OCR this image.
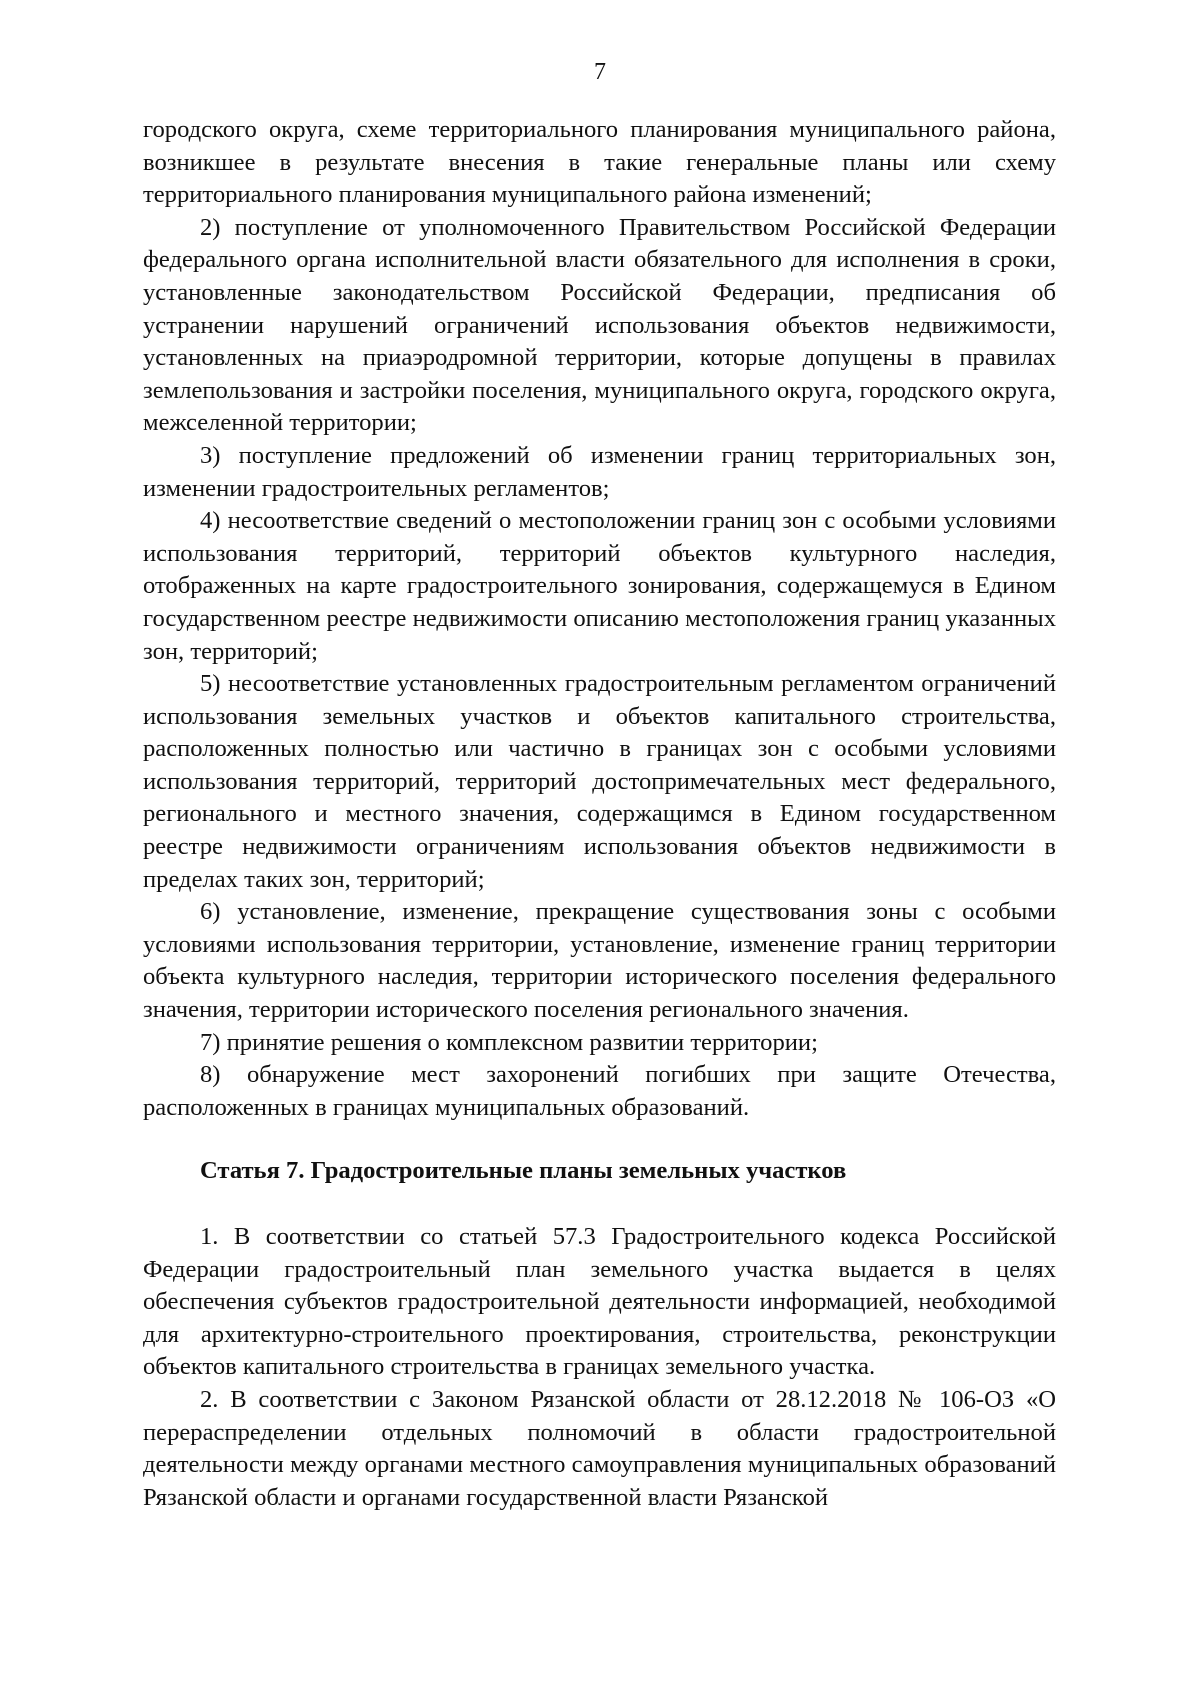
7

городского округа, схеме территориального планирования муниципального района, возникшее в результате внесения в такие генеральные планы или схему территориального планирования муниципального района изменений;

2) поступление от уполномоченного Правительством Российской Федерации федерального органа исполнительной власти обязательного для исполнения в сроки, установленные законодательством Российской Федерации, предписания об устранении нарушений ограничений использования объектов недвижимости, установленных на приаэродромной территории, которые допущены в правилах землепользования и застройки поселения, муниципального округа, городского округа, межселенной территории;

3) поступление предложений об изменении границ территориальных зон, изменении градостроительных регламентов;

4) несоответствие сведений о местоположении границ зон с особыми условиями использования территорий, территорий объектов культурного наследия, отображенных на карте градостроительного зонирования, содержащемуся в Едином государственном реестре недвижимости описанию местоположения границ указанных зон, территорий;

5) несоответствие установленных градостроительным регламентом ограничений использования земельных участков и объектов капитального строительства, расположенных полностью или частично в границах зон с особыми условиями использования территорий, территорий достопримечательных мест федерального, регионального и местного значения, содержащимся в Едином государственном реестре недвижимости ограничениям использования объектов недвижимости в пределах таких зон, территорий;

6) установление, изменение, прекращение существования зоны с особыми условиями использования территории, установление, изменение границ территории объекта культурного наследия, территории исторического поселения федерального значения, территории исторического поселения регионального значения.

7) принятие решения о комплексном развитии территории;

8) обнаружение мест захоронений погибших при защите Отечества, расположенных в границах муниципальных образований.

Статья 7. Градостроительные планы земельных участков

1. В соответствии со статьей 57.3 Градостроительного кодекса Российской Федерации градостроительный план земельного участка выдается в целях обеспечения субъектов градостроительной деятельности информацией, необходимой для архитектурно-строительного проектирования, строительства, реконструкции объектов капитального строительства в границах земельного участка.

2. В соответствии с Законом Рязанской области от 28.12.2018 № 106-ОЗ «О перераспределении отдельных полномочий в области градостроительной деятельности между органами местного самоуправления муниципальных образований Рязанской области и органами государственной власти Рязанской
